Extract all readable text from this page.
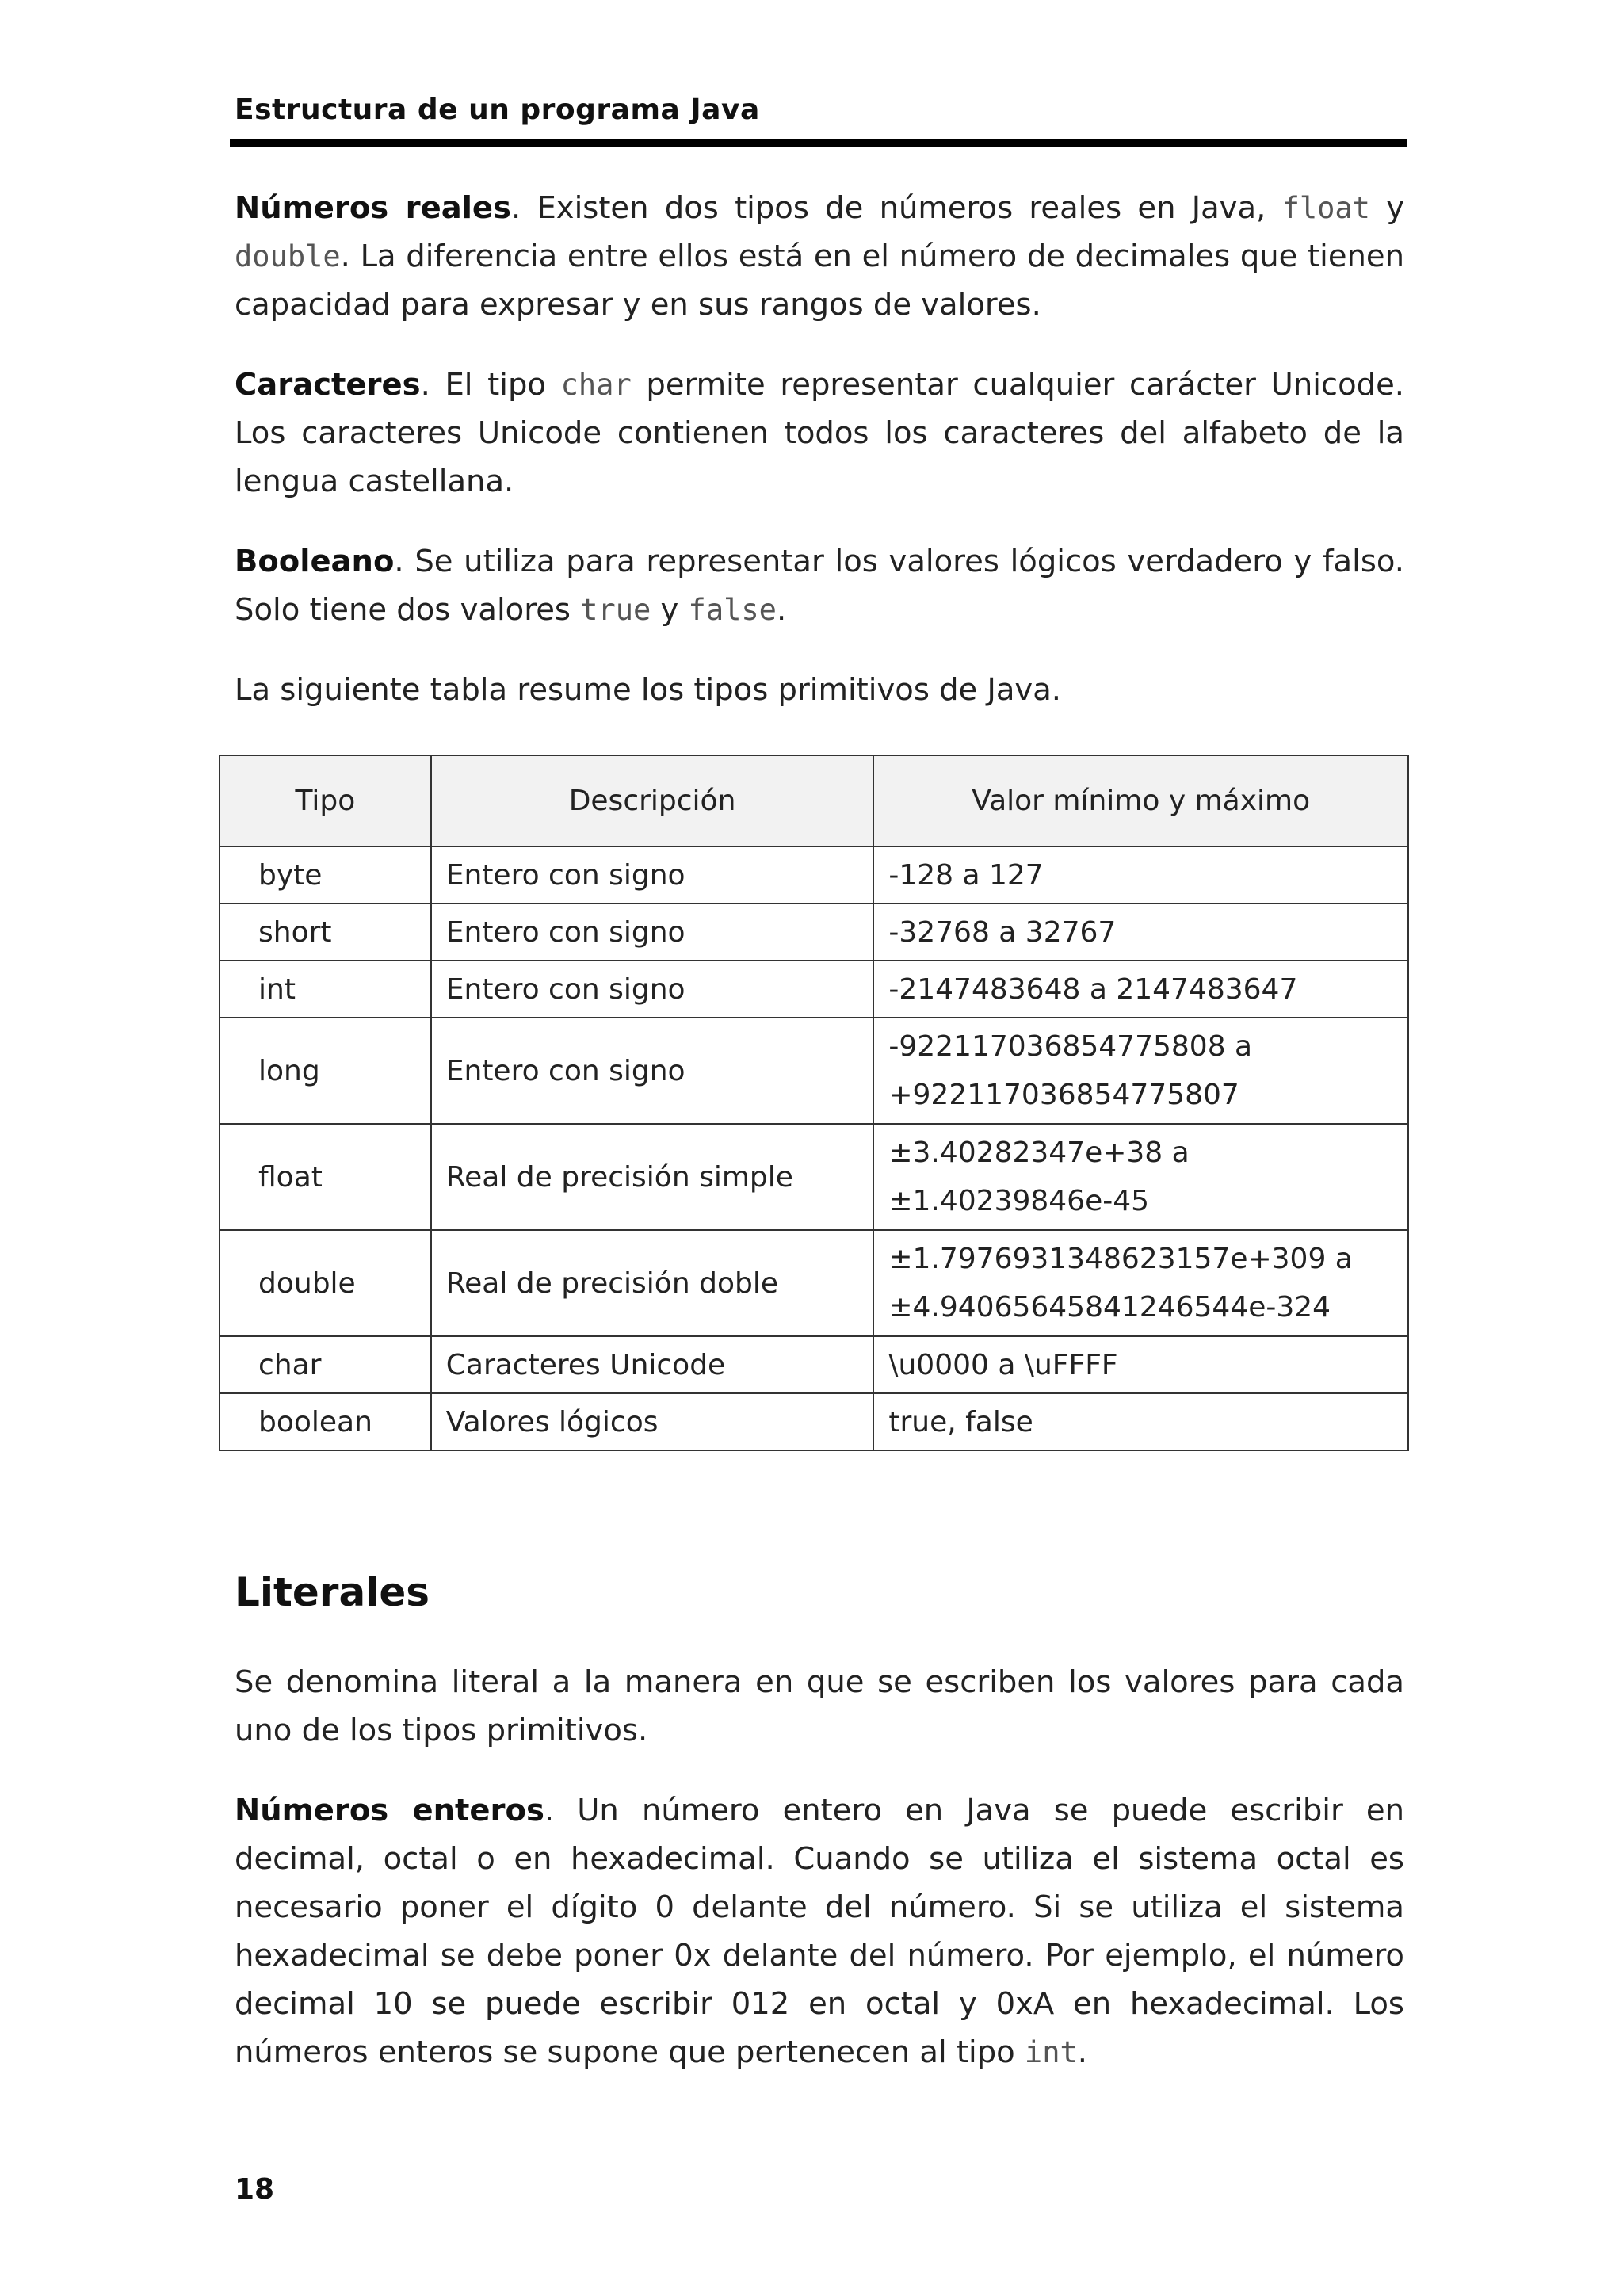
Estructura de un programa Java

Números reales. Existen dos tipos de números reales en Java, float y double. La diferencia entre ellos está en el número de decimales que tienen capacidad para expresar y en sus rangos de valores.

Caracteres. El tipo char permite representar cualquier carácter Unicode. Los caracteres Unicode contienen todos los caracteres del alfabeto de la lengua castellana.

Booleano. Se utiliza para representar los valores lógicos verdadero y falso. Solo tiene dos valores true y false.

La siguiente tabla resume los tipos primitivos de Java.

Tipo	Descripción	Valor mínimo y máximo
byte	Entero con signo	-128 a 127
short	Entero con signo	-32768 a 32767
int	Entero con signo	-2147483648 a 2147483647
long	Entero con signo	-922117036854775808 a
+922117036854775807
float	Real de precisión simple	±3.40282347e+38 a
±1.40239846e-45
double	Real de precisión doble	±1.7976931348623157e+309 a
±4.94065645841246544e-324
char	Caracteres Unicode	\u0000 a \uFFFF
boolean	Valores lógicos	true, false
Literales

Se denomina literal a la manera en que se escriben los valores para cada uno de los tipos primitivos.

Números enteros. Un número entero en Java se puede escribir en decimal, octal o en hexadecimal. Cuando se utiliza el sistema octal es necesario poner el dígito 0 delante del número. Si se utiliza el sistema hexadecimal se debe poner 0x delante del número. Por ejemplo, el número decimal 10 se puede escribir 012 en octal y 0xA en hexadecimal. Los números enteros se supone que pertenecen al tipo int.

18
